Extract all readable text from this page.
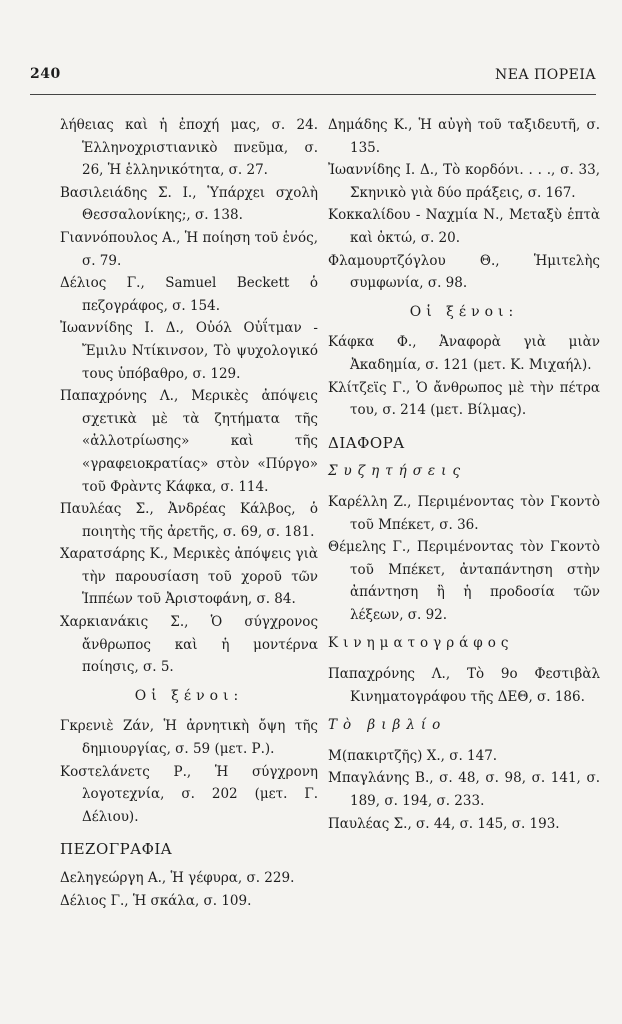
240	ΝΕΑ ΠΟΡΕΙΑ
λήθειας καὶ ἡ ἐποχή μας, σ. 24. Ἑλληνοχριστιανικὸ πνεῦμα, σ. 26, Ἡ ἑλληνικότητα, σ. 27.
Βασιλειάδης Σ. Ι., Ὑπάρχει σχολὴ Θεσσαλονίκης;, σ. 138.
Γιαννόπουλος Α., Ἡ ποίηση τοῦ ἑνός, σ. 79.
Δέλιος Γ., Samuel Beckett ὁ πεζογράφος, σ. 154.
Ἰωαννίδης Ι. Δ., Οὐόλ Οὐΐτμαν - Ἔμιλυ Ντίκινσον, Τὸ ψυχολογικό τους ὑπόβαθρο, σ. 129.
Παπαχρόνης Λ., Μερικὲς ἀπόψεις σχετικὰ μὲ τὰ ζητήματα τῆς «ἀλλοτρίωσης» καὶ τῆς «γραφειοκρατίας» στὸν «Πύργο» τοῦ Φρὰντς Κάφκα, σ. 114.
Παυλέας Σ., Ἀνδρέας Κάλβος, ὁ ποιητὴς τῆς ἀρετῆς, σ. 69, σ. 181.
Χαρατσάρης Κ., Μερικὲς ἀπόψεις γιὰ τὴν παρουσίαση τοῦ χοροῦ τῶν Ἱππέων τοῦ Ἀριστοφάνη, σ. 84.
Χαρκιανάκις Σ., Ὁ σύγχρονος ἄνθρωπος καὶ ἡ μοντέρνα ποίησις, σ. 5.
Οἱ ξένοι:
Γκρενιὲ Ζάν, Ἡ ἀρνητικὴ ὄψη τῆς δημιουργίας, σ. 59 (μετ. Ρ.).
Κοστελάνετς Ρ., Ἡ σύγχρονη λογοτεχνία, σ. 202 (μετ. Γ. Δέλιου).
ΠΕΖΟΓΡΑΦΙΑ
Δεληγεώργη Α., Ἡ γέφυρα, σ. 229.
Δέλιος Γ., Ἡ σκάλα, σ. 109.
Δημάδης Κ., Ἡ αὐγὴ τοῦ ταξιδευτῆ, σ. 135.
Ἰωαννίδης Ι. Δ., Τὸ κορδόνι. . . ., σ. 33, Σκηνικὸ γιὰ δύο πράξεις, σ. 167.
Κοκκαλίδου - Ναχμία Ν., Μεταξὺ ἑπτὰ καὶ ὀκτώ, σ. 20.
Φλαμουρτζόγλου Θ., Ἡμιτελὴς συμφωνία, σ. 98.
Οἱ ξένοι:
Κάφκα Φ., Ἀναφορὰ γιὰ μιὰν Ἀκαδημία, σ. 121 (μετ. Κ. Μιχαήλ).
Κλίτζεϊς Γ., Ὁ ἄνθρωπος μὲ τὴν πέτρα του, σ. 214 (μετ. Βίλμας).
ΔΙΑΦΟΡΑ
Συζητήσεις
Καρέλλη Ζ., Περιμένοντας τὸν Γκοντὸ τοῦ Μπέκετ, σ. 36.
Θέμελης Γ., Περιμένοντας τὸν Γκοντὸ τοῦ Μπέκετ, ἀνταπάντηση στὴν ἀπάντηση ἢ ἡ προδοσία τῶν λέξεων, σ. 92.
Κινηματογράφος
Παπαχρόνης Λ., Τὸ 9ο Φεστιβὰλ Κινηματογράφου τῆς ΔΕΘ, σ. 186.
Τὸ βιβλίο
Μ(πακιρτζῆς) Χ., σ. 147.
Μπαγλάνης Β., σ. 48, σ. 98, σ. 141, σ. 189, σ. 194, σ. 233.
Παυλέας Σ., σ. 44, σ. 145, σ. 193.
